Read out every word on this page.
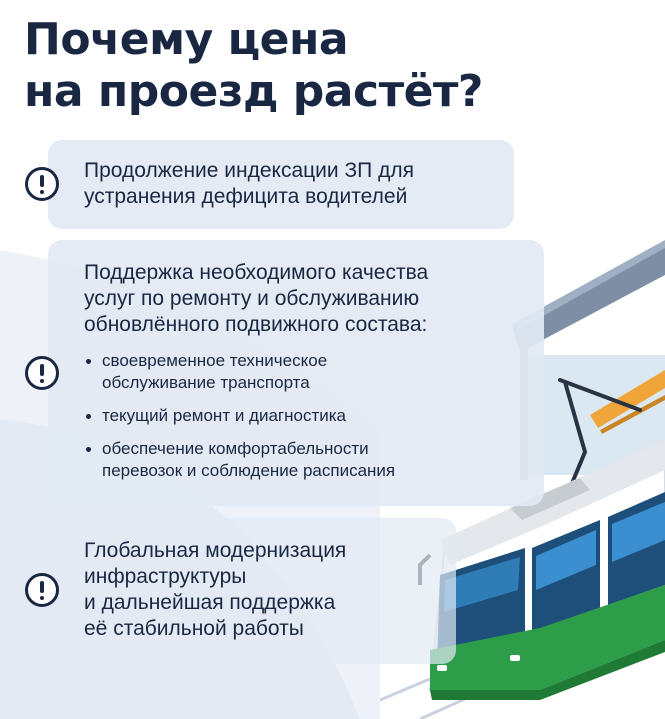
Почему цена
на проезд растёт?
Продолжение индексации ЗП для
устранения дефицита водителей
Поддержка необходимого качества
услуг по ремонту и обслуживанию
обновлённого подвижного состава:
своевременное техническое
обслуживание транспорта
текущий ремонт и диагностика
обеспечение комфортабельности
перевозок и соблюдение расписания
Глобальная модернизация
инфраструктуры
и дальнейшая поддержка
её стабильной работы
